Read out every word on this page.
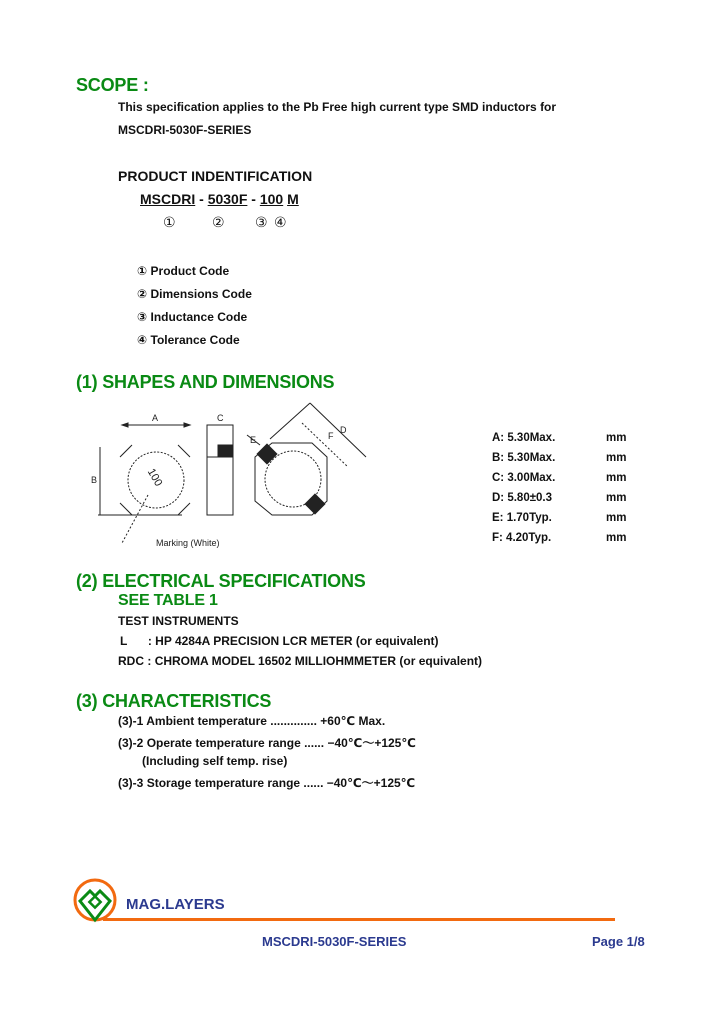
SCOPE :
This specification applies to the Pb Free high current type SMD inductors for
MSCDRI-5030F-SERIES
PRODUCT INDENTIFICATION
MSCDRI - 5030F - 100 M
①	② ③ ④
① Product Code
② Dimensions Code
③ Inductance Code
④ Tolerance Code
(1) SHAPES AND DIMENSIONS
A
B
C
D
E	F
100
Marking (White)
A: 5.30Max.	mm
B: 5.30Max.	mm
C: 3.00Max.	mm
D: 5.80±0.3	mm
E: 1.70Typ.	mm
F: 4.20Typ.	mm
(2) ELECTRICAL SPECIFICATIONS
SEE TABLE 1
TEST INSTRUMENTS
L : HP 4284A PRECISION LCR METER (or equivalent)
RDC : CHROMA MODEL 16502 MILLIOHMMETER (or equivalent)
(3) CHARACTERISTICS
(3)-1 Ambient temperature .............. +60℃ Max.
(3)-2 Operate temperature range ...... −40℃～+125℃
(Including self temp. rise)
(3)-3 Storage temperature range ...... −40℃～+125℃
MAG.LAYERS
MSCDRI-5030F-SERIES	Page 1/8
